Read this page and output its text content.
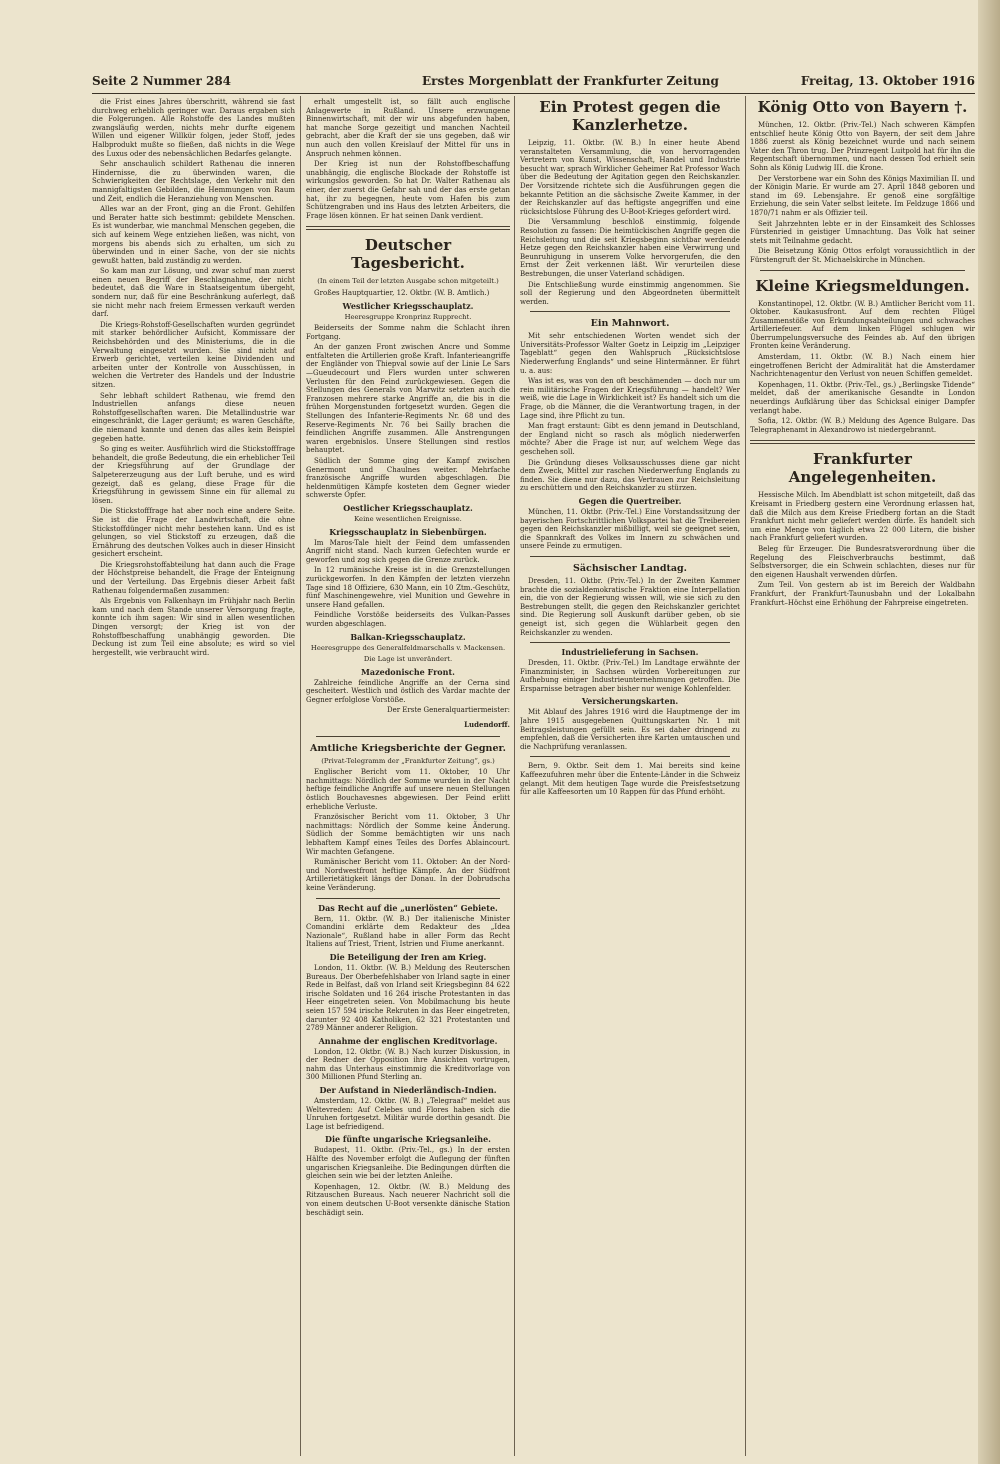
Seite 2 Nummer 284	Erstes Morgenblatt der Frankfurter Zeitung	Freitag, 13. Oktober 1916

die Frist eines Jahres überschritt, während sie fast durchweg erheblich geringer war. Daraus ergaben sich die Folgerungen. Alle Rohstoffe des Landes mußten zwangsläufig werden, nichts mehr durfte eigenem Willen und eigener Willkür folgen, jeder Stoff, jedes Halbprodukt mußte so fließen, daß nichts in die Wege des Luxus oder des nebensächlichen Bedarfes gelangte.

Sehr anschaulich schildert Rathenau die inneren Hindernisse, die zu überwinden waren, die Schwierigkeiten der Rechtslage, den Verkehr mit den mannigfaltigsten Gebilden, die Hemmungen von Raum und Zeit, endlich die Heranziehung von Menschen.

Alles war an der Front, ging an die Front. Gehilfen und Berater hatte sich bestimmt: gebildete Menschen. Es ist wunderbar, wie manchmal Menschen gegeben, die sich auf keinem Wege entziehen ließen, was nicht, von morgens bis abends sich zu erhalten, um sich zu überwinden und in einer Sache, von der sie nichts gewußt hatten, bald zuständig zu werden.

So kam man zur Lösung, und zwar schuf man zuerst einen neuen Begriff der Beschlagnahme, der nicht bedeutet, daß die Ware in Staatseigentum übergeht, sondern nur, daß für eine Beschränkung auferlegt, daß sie nicht mehr nach freiem Ermessen verkauft werden darf.

Die Kriegs-Rohstoff-Gesellschaften wurden gegründet mit starker behördlicher Aufsicht, Kommissare der Reichsbehörden und des Ministeriums, die in die Verwaltung eingesetzt wurden. Sie sind nicht auf Erwerb gerichtet, verteilen keine Dividenden und arbeiten unter der Kontrolle von Ausschüssen, in welchen die Vertreter des Handels und der Industrie sitzen.

Sehr lebhaft schildert Rathenau, wie fremd den Industriellen anfangs diese neuen Rohstoffgesellschaften waren. Die Metallindustrie war eingeschränkt, die Lager geräumt; es waren Geschäfte, die niemand kannte und denen das alles kein Beispiel gegeben hatte.

So ging es weiter. Ausführlich wird die Stickstofffrage behandelt, die große Bedeutung, die ein erheblicher Teil der Kriegsführung auf der Grundlage der Salpetererzeugung aus der Luft beruhe, und es wird gezeigt, daß es gelang, diese Frage für die Kriegsführung in gewissem Sinne ein für allemal zu lösen.

Die Stickstofffrage hat aber noch eine andere Seite. Sie ist die Frage der Landwirtschaft, die ohne Stickstoffdünger nicht mehr bestehen kann. Und es ist gelungen, so viel Stickstoff zu erzeugen, daß die Ernährung des deutschen Volkes auch in dieser Hinsicht gesichert erscheint.

Die Kriegsrohstoffabteilung hat dann auch die Frage der Höchstpreise behandelt, die Frage der Enteignung und der Verteilung. Das Ergebnis dieser Arbeit faßt Rathenau folgendermaßen zusammen:

Als Ergebnis von Falkenhayn im Frühjahr nach Berlin kam und nach dem Stande unserer Versorgung fragte, konnte ich ihm sagen: Wir sind in allen wesentlichen Dingen versorgt; der Krieg ist von der Rohstoffbeschaffung unabhängig geworden. Die Deckung ist zum Teil eine absolute; es wird so viel hergestellt, wie verbraucht wird.

erhalt umgestellt ist, so fällt auch englische Anlagewerte in Rußland. Unsere erzwungene Binnenwirtschaft, mit der wir uns abgefunden haben, hat manche Sorge gezeitigt und manchen Nachteil gebracht, aber die Kraft der sie uns gegeben, daß wir nun auch den vollen Kreislauf der Mittel für uns in Anspruch nehmen können.

Der Krieg ist nun der Rohstoffbeschaffung unabhängig, die englische Blockade der Rohstoffe ist wirkungslos geworden. So hat Dr. Walter Rathenau als einer, der zuerst die Gefahr sah und der das erste getan hat, ihr zu begegnen, heute vom Hafen bis zum Schützengraben und ins Haus des letzten Arbeiters, die Frage lösen können. Er hat seinen Dank verdient.

Deutscher Tagesbericht.
(In einem Teil der letzten Ausgabe schon mitgeteilt.)

Großes Hauptquartier, 12. Oktbr. (W. B. Amtlich.)

Westlicher Kriegsschauplatz.
Heeresgruppe Kronprinz Rupprecht.

Beiderseits der Somme nahm die Schlacht ihren Fortgang.

An der ganzen Front zwischen Ancre und Somme entfalteten die Artillerien große Kraft. Infanterieangriffe der Engländer von Thiepval sowie auf der Linie Le Sars—Gueudecourt und Flers wurden unter schweren Verlusten für den Feind zurückgewiesen. Gegen die Stellungen des Generals von Marwitz setzten auch die Franzosen mehrere starke Angriffe an, die bis in die frühen Morgenstunden fortgesetzt wurden. Gegen die Stellungen des Infanterie-Regiments Nr. 68 und des Reserve-Regiments Nr. 76 bei Sailly brachen die feindlichen Angriffe zusammen. Alle Anstrengungen waren ergebnislos. Unsere Stellungen sind restlos behauptet.

Südlich der Somme ging der Kampf zwischen Genermont und Chaulnes weiter. Mehrfache französische Angriffe wurden abgeschlagen. Die heldenmütigen Kämpfe kosteten dem Gegner wieder schwerste Opfer.

Oestlicher Kriegsschauplatz.
Keine wesentlichen Ereignisse.
Kriegsschauplatz in Siebenbürgen.

Im Maros-Tale hielt der Feind dem umfassenden Angriff nicht stand. Nach kurzen Gefechten wurde er geworfen und zog sich gegen die Grenze zurück.

In 12 rumänische Kreise ist in die Grenzstellungen zurückgeworfen. In den Kämpfen der letzten vierzehn Tage sind 18 Offiziere, 630 Mann, ein 10 Ztm.-Geschütz, fünf Maschinengewehre, viel Munition und Gewehre in unsere Hand gefallen.

Feindliche Vorstöße beiderseits des Vulkan-Passes wurden abgeschlagen.

Balkan-Kriegsschauplatz.
Heeresgruppe des Generalfeldmarschalls v. Mackensen.
Die Lage ist unverändert.
Mazedonische Front.

Zahlreiche feindliche Angriffe an der Cerna sind gescheitert. Westlich und östlich des Vardar machte der Gegner erfolglose Vorstöße.

Der Erste Generalquartiermeister:
Ludendorff.
Amtliche Kriegsberichte der Gegner.
(Privat-Telegramm der „Frankfurter Zeitung“, gs.)

Englischer Bericht vom 11. Oktober, 10 Uhr nachmittags: Nördlich der Somme wurden in der Nacht heftige feindliche Angriffe auf unsere neuen Stellungen östlich Bouchavesnes abgewiesen. Der Feind erlitt erhebliche Verluste.

Französischer Bericht vom 11. Oktober, 3 Uhr nachmittags: Nördlich der Somme keine Änderung. Südlich der Somme bemächtigten wir uns nach lebhaftem Kampf eines Teiles des Dorfes Ablaincourt. Wir machten Gefangene.

Rumänischer Bericht vom 11. Oktober: An der Nord- und Nordwestfront heftige Kämpfe. An der Südfront Artillerietätigkeit längs der Donau. In der Dobrudscha keine Veränderung.

Das Recht auf die „unerlösten“ Gebiete.

Bern, 11. Oktbr. (W. B.) Der italienische Minister Comandini erklärte dem Redakteur des „Idea Nazionale“, Rußland habe in aller Form das Recht Italiens auf Triest, Trient, Istrien und Fiume anerkannt.

Die Beteiligung der Iren am Krieg.

London, 11. Oktbr. (W. B.) Meldung des Reuterschen Bureaus. Der Oberbefehlshaber von Irland sagte in einer Rede in Belfast, daß von Irland seit Kriegsbeginn 84 622 irische Soldaten und 16 264 irische Protestanten in das Heer eingetreten seien. Von Mobilmachung bis heute seien 157 594 irische Rekruten in das Heer eingetreten, darunter 92 408 Katholiken, 62 321 Protestanten und 2789 Männer anderer Religion.

Annahme der englischen Kreditvorlage.

London, 12. Oktbr. (W. B.) Nach kurzer Diskussion, in der Redner der Opposition ihre Ansichten vortrugen, nahm das Unterhaus einstimmig die Kreditvorlage von 300 Millionen Pfund Sterling an.

Der Aufstand in Niederländisch-Indien.

Amsterdam, 12. Oktbr. (W. B.) „Telegraaf“ meldet aus Weltevreden: Auf Celebes und Flores haben sich die Unruhen fortgesetzt. Militär wurde dorthin gesandt. Die Lage ist befriedigend.

Die fünfte ungarische Kriegsanleihe.

Budapest, 11. Oktbr. (Priv.-Tel., gs.) In der ersten Hälfte des November erfolgt die Auflegung der fünften ungarischen Kriegsanleihe. Die Bedingungen dürften die gleichen sein wie bei der letzten Anleihe.

Kopenhagen, 12. Oktbr. (W. B.) Meldung des Ritzauschen Bureaus. Nach neuerer Nachricht soll die von einem deutschen U-Boot versenkte dänische Station beschädigt sein.

Ein Protest gegen die Kanzlerhetze.

Leipzig, 11. Oktbr. (W. B.) In einer heute Abend veranstalteten Versammlung, die von hervorragenden Vertretern von Kunst, Wissenschaft, Handel und Industrie besucht war, sprach Wirklicher Geheimer Rat Professor Wach über die Bedeutung der Agitation gegen den Reichskanzler. Der Vorsitzende richtete sich die Ausführungen gegen die bekannte Petition an die sächsische Zweite Kammer, in der der Reichskanzler auf das heftigste angegriffen und eine rücksichtslose Führung des U-Boot-Krieges gefordert wird.

Die Versammlung beschloß einstimmig, folgende Resolution zu fassen: Die heimtückischen Angriffe gegen die Reichsleitung und die seit Kriegsbeginn sichtbar werdende Hetze gegen den Reichskanzler haben eine Verwirrung und Beunruhigung in unserem Volke hervorgerufen, die den Ernst der Zeit verkennen läßt. Wir verurteilen diese Bestrebungen, die unser Vaterland schädigen.

Die Entschließung wurde einstimmig angenommen. Sie soll der Regierung und den Abgeordneten übermittelt werden.

Ein Mahnwort.

Mit sehr entschiedenen Worten wendet sich der Universitäts-Professor Walter Goetz in Leipzig im „Leipziger Tageblatt“ gegen den Wahlspruch „Rücksichtslose Niederwerfung Englands“ und seine Hintermänner. Er führt u. a. aus:

Was ist es, was von den oft beschämenden — doch nur um rein militärische Fragen der Kriegsführung — handelt? Wer weiß, wie die Lage in Wirklichkeit ist? Es handelt sich um die Frage, ob die Männer, die die Verantwortung tragen, in der Lage sind, ihre Pflicht zu tun.

Man fragt erstaunt: Gibt es denn jemand in Deutschland, der England nicht so rasch als möglich niederwerfen möchte? Aber die Frage ist nur, auf welchem Wege das geschehen soll.

Die Gründung dieses Volksausschusses diene gar nicht dem Zweck, Mittel zur raschen Niederwerfung Englands zu finden. Sie diene nur dazu, das Vertrauen zur Reichsleitung zu erschüttern und den Reichskanzler zu stürzen.

Gegen die Quertreiber.

München, 11. Oktbr. (Priv.-Tel.) Eine Vorstandssitzung der bayerischen Fortschrittlichen Volkspartei hat die Treibereien gegen den Reichskanzler mißbilligt, weil sie geeignet seien, die Spannkraft des Volkes im Innern zu schwächen und unsere Feinde zu ermutigen.

Sächsischer Landtag.

Dresden, 11. Oktbr. (Priv.-Tel.) In der Zweiten Kammer brachte die sozialdemokratische Fraktion eine Interpellation ein, die von der Regierung wissen will, wie sie sich zu den Bestrebungen stellt, die gegen den Reichskanzler gerichtet sind. Die Regierung soll Auskunft darüber geben, ob sie geneigt ist, sich gegen die Wühlarbeit gegen den Reichskanzler zu wenden.

Industrielieferung in Sachsen.

Dresden, 11. Oktbr. (Priv.-Tel.) Im Landtage erwähnte der Finanzminister, in Sachsen würden Vorbereitungen zur Aufhebung einiger Industrieunternehmungen getroffen. Die Ersparnisse betragen aber bisher nur wenige Kohlenfelder.

Versicherungskarten.

Mit Ablauf des Jahres 1916 wird die Hauptmenge der im Jahre 1915 ausgegebenen Quittungskarten Nr. 1 mit Beitragsleistungen gefüllt sein. Es sei daher dringend zu empfehlen, daß die Versicherten ihre Karten umtauschen und die Nachprüfung veranlassen.

Bern, 9. Oktbr. Seit dem 1. Mai bereits sind keine Kaffeezufuhren mehr über die Entente-Länder in die Schweiz gelangt. Mit dem heutigen Tage wurde die Preisfestsetzung für alle Kaffeesorten um 10 Rappen für das Pfund erhöht.

König Otto von Bayern †.

München, 12. Oktbr. (Priv.-Tel.) Nach schweren Kämpfen entschlief heute König Otto von Bayern, der seit dem Jahre 1886 zuerst als König bezeichnet wurde und nach seinem Vater den Thron trug. Der Prinzregent Luitpold hat für ihn die Regentschaft übernommen, und nach dessen Tod erhielt sein Sohn als König Ludwig III. die Krone.

Der Verstorbene war ein Sohn des Königs Maximilian II. und der Königin Marie. Er wurde am 27. April 1848 geboren und stand im 69. Lebensjahre. Er genoß eine sorgfältige Erziehung, die sein Vater selbst leitete. Im Feldzuge 1866 und 1870/71 nahm er als Offizier teil.

Seit Jahrzehnten lebte er in der Einsamkeit des Schlosses Fürstenried in geistiger Umnachtung. Das Volk hat seiner stets mit Teilnahme gedacht.

Die Beisetzung König Ottos erfolgt voraussichtlich in der Fürstengruft der St. Michaelskirche in München.

Kleine Kriegsmeldungen.

Konstantinopel, 12. Oktbr. (W. B.) Amtlicher Bericht vom 11. Oktober. Kaukasusfront. Auf dem rechten Flügel Zusammenstöße von Erkundungsabteilungen und schwaches Artilleriefeuer. Auf dem linken Flügel schlugen wir Überrumpelungsversuche des Feindes ab. Auf den übrigen Fronten keine Veränderung.

Amsterdam, 11. Oktbr. (W. B.) Nach einem hier eingetroffenen Bericht der Admiralität hat die Amsterdamer Nachrichtenagentur den Verlust von neuen Schiffen gemeldet.

Kopenhagen, 11. Oktbr. (Priv.-Tel., gs.) „Berlingske Tidende“ meldet, daß der amerikanische Gesandte in London neuerdings Aufklärung über das Schicksal einiger Dampfer verlangt habe.

Sofia, 12. Oktbr. (W. B.) Meldung des Agence Bulgare. Das Telegraphenamt in Alexandrowo ist niedergebrannt.

Frankfurter Angelegenheiten.

Hessische Milch. Im Abendblatt ist schon mitgeteilt, daß das Kreisamt in Friedberg gestern eine Verordnung erlassen hat, daß die Milch aus dem Kreise Friedberg fortan an die Stadt Frankfurt nicht mehr geliefert werden dürfe. Es handelt sich um eine Menge von täglich etwa 22 000 Litern, die bisher nach Frankfurt geliefert wurden.

Beleg für Erzeuger. Die Bundesratsverordnung über die Regelung des Fleischverbrauchs bestimmt, daß Selbstversorger, die ein Schwein schlachten, dieses nur für den eigenen Haushalt verwenden dürfen.

Zum Teil. Von gestern ab ist im Bereich der Waldbahn Frankfurt, der Frankfurt-Taunusbahn und der Lokalbahn Frankfurt–Höchst eine Erhöhung der Fahrpreise eingetreten.
